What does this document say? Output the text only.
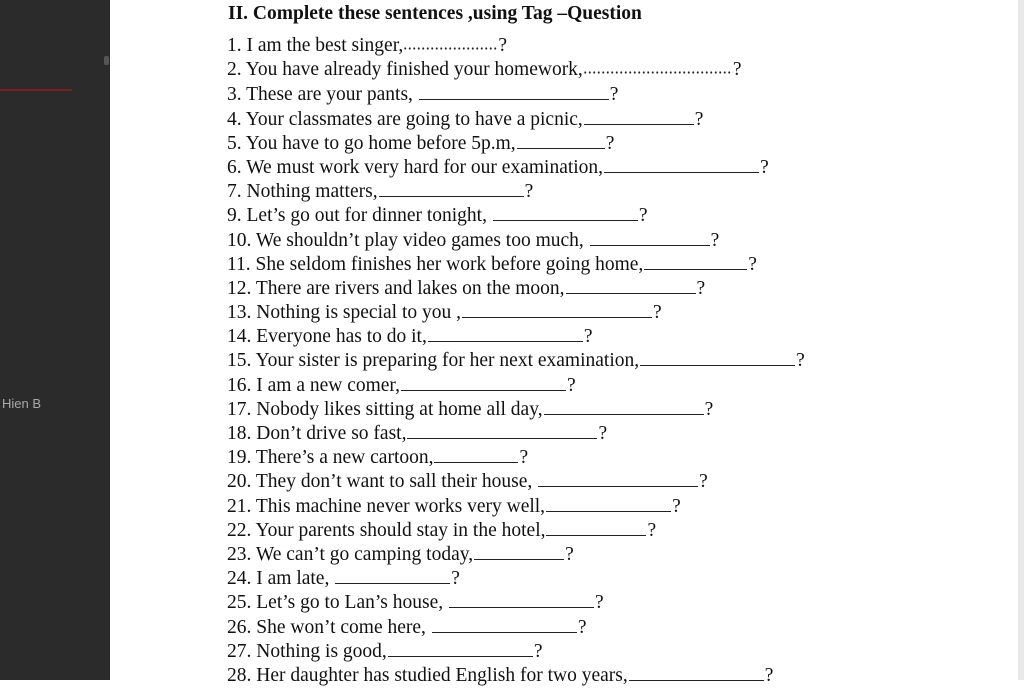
Hien B
II. Complete these sentences ,using Tag –Question
1. I am the best singer,	?
2. You have already finished your homework,	?
3. These are your pants,	?
4. Your classmates are going to have a picnic,	?
5. You have to go home before 5p.m,	?
6. We must work very hard for our examination,	?
7. Nothing matters,	?
9. Let’s go out for dinner tonight,	?
10. We shouldn’t play video games too much,	?
11. She seldom finishes her work before going home,	?
12. There are rivers and lakes on the moon,	?
13. Nothing is special to you ,	?
14. Everyone has to do it,	?
15. Your sister is preparing for her next examination,	?
16. I am a new comer,	?
17. Nobody likes sitting at home all day,	?
18. Don’t drive so fast,	?
19. There’s a new cartoon,	?
20. They don’t want to sall their house,	?
21. This machine never works very well,	?
22. Your parents should stay in the hotel,	?
23. We can’t go camping today,	?
24. I am late,	?
25. Let’s go to Lan’s house,	?
26. She won’t come here,	?
27. Nothing is good,	?
28. Her daughter has studied English for two years,	?
